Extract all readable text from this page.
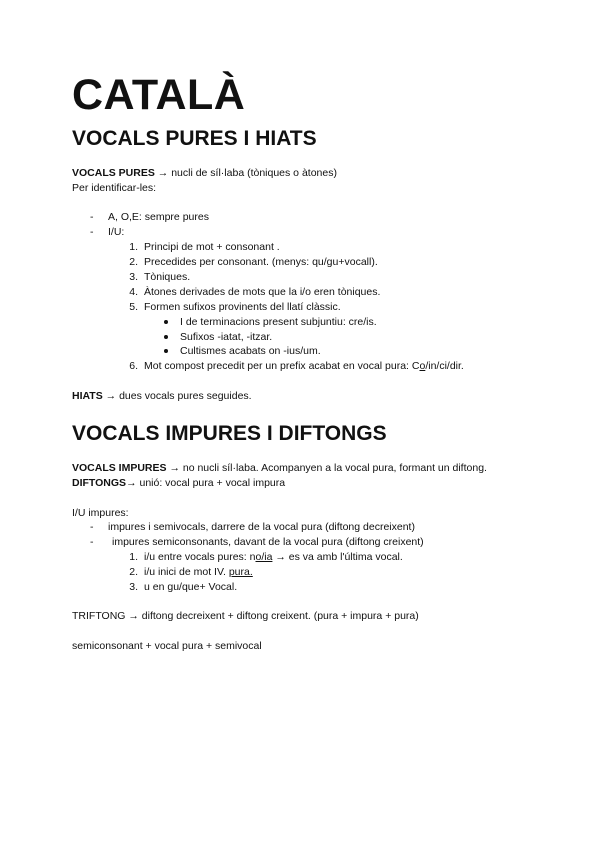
CATALÀ
VOCALS PURES I HIATS
VOCALS PURES → nucli de síl·laba (tòniques o àtones)
Per identificar-les:
- A, O,E: sempre pures
- I/U:
1. Principi de mot + consonant .
2. Precedides per consonant. (menys: qu/gu+vocall).
3. Tòniques.
4. Àtones derivades de mots que la i/o eren tòniques.
5. Formen sufixos provinents del llatí clàssic.
I de terminacions present subjuntiu: cre/is.
Sufixos -iatat, -itzar.
Cultismes acabats on -ius/um.
6. Mot compost precedit per un prefix acabat en vocal pura: Co/in/ci/dir.
HIATS → dues vocals pures seguides.
VOCALS IMPURES I DIFTONGS
VOCALS IMPURES → no nucli síl·laba. Acompanyen a la vocal pura, formant un diftong.
DIFTONGS→ unió: vocal pura + vocal impura
I/U impures:
- impures i semivocals, darrere de la vocal pura (diftong decreixent)
- impures semiconsonants, davant de la vocal pura (diftong creixent)
1. i/u entre vocals pures: no/ia → es va amb l'última vocal.
2. i/u inici de mot IV. pura.
3. u en gu/que+ Vocal.
TRIFTONG → diftong decreixent + diftong creixent. (pura + impura + pura)
semiconsonant + vocal pura + semivocal
